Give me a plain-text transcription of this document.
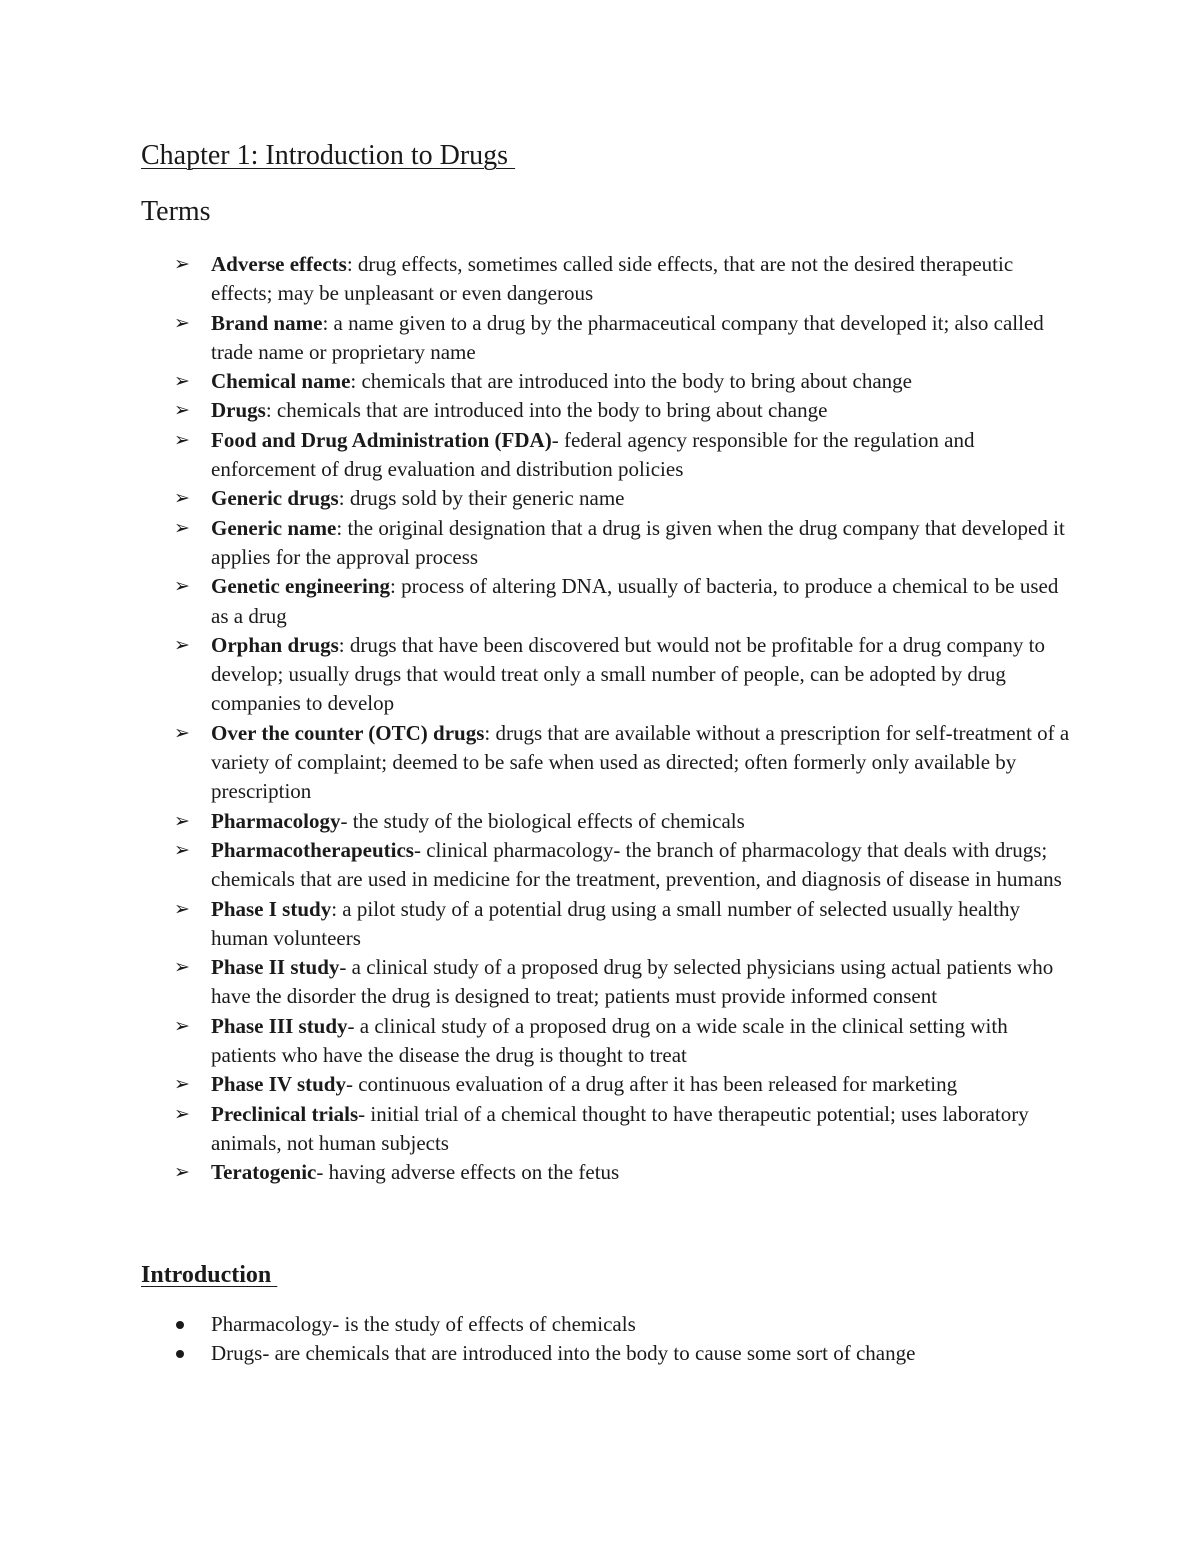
Chapter 1: Introduction to Drugs
Terms
➢ Adverse effects: drug effects, sometimes called side effects, that are not the desired therapeutic effects; may be unpleasant or even dangerous
➢ Brand name: a name given to a drug by the pharmaceutical company that developed it; also called trade name or proprietary name
➢ Chemical name: chemicals that are introduced into the body to bring about change
➢ Drugs: chemicals that are introduced into the body to bring about change
➢ Food and Drug Administration (FDA)- federal agency responsible for the regulation and enforcement of drug evaluation and distribution policies
➢ Generic drugs: drugs sold by their generic name
➢ Generic name: the original designation that a drug is given when the drug company that developed it applies for the approval process
➢ Genetic engineering: process of altering DNA, usually of bacteria, to produce a chemical to be used as a drug
➢ Orphan drugs: drugs that have been discovered but would not be profitable for a drug company to develop; usually drugs that would treat only a small number of people, can be adopted by drug companies to develop
➢ Over the counter (OTC) drugs: drugs that are available without a prescription for self-treatment of a variety of complaint; deemed to be safe when used as directed; often formerly only available by prescription
➢ Pharmacology- the study of the biological effects of chemicals
➢ Pharmacotherapeutics- clinical pharmacology- the branch of pharmacology that deals with drugs; chemicals that are used in medicine for the treatment, prevention, and diagnosis of disease in humans
➢ Phase I study: a pilot study of a potential drug using a small number of selected usually healthy human volunteers
➢ Phase II study- a clinical study of a proposed drug by selected physicians using actual patients who have the disorder the drug is designed to treat; patients must provide informed consent
➢ Phase III study- a clinical study of a proposed drug on a wide scale in the clinical setting with patients who have the disease the drug is thought to treat
➢ Phase IV study- continuous evaluation of a drug after it has been released for marketing
➢ Preclinical trials- initial trial of a chemical thought to have therapeutic potential; uses laboratory animals, not human subjects
➢ Teratogenic- having adverse effects on the fetus
Introduction
Pharmacology- is the study of effects of chemicals
Drugs- are chemicals that are introduced into the body to cause some sort of change
